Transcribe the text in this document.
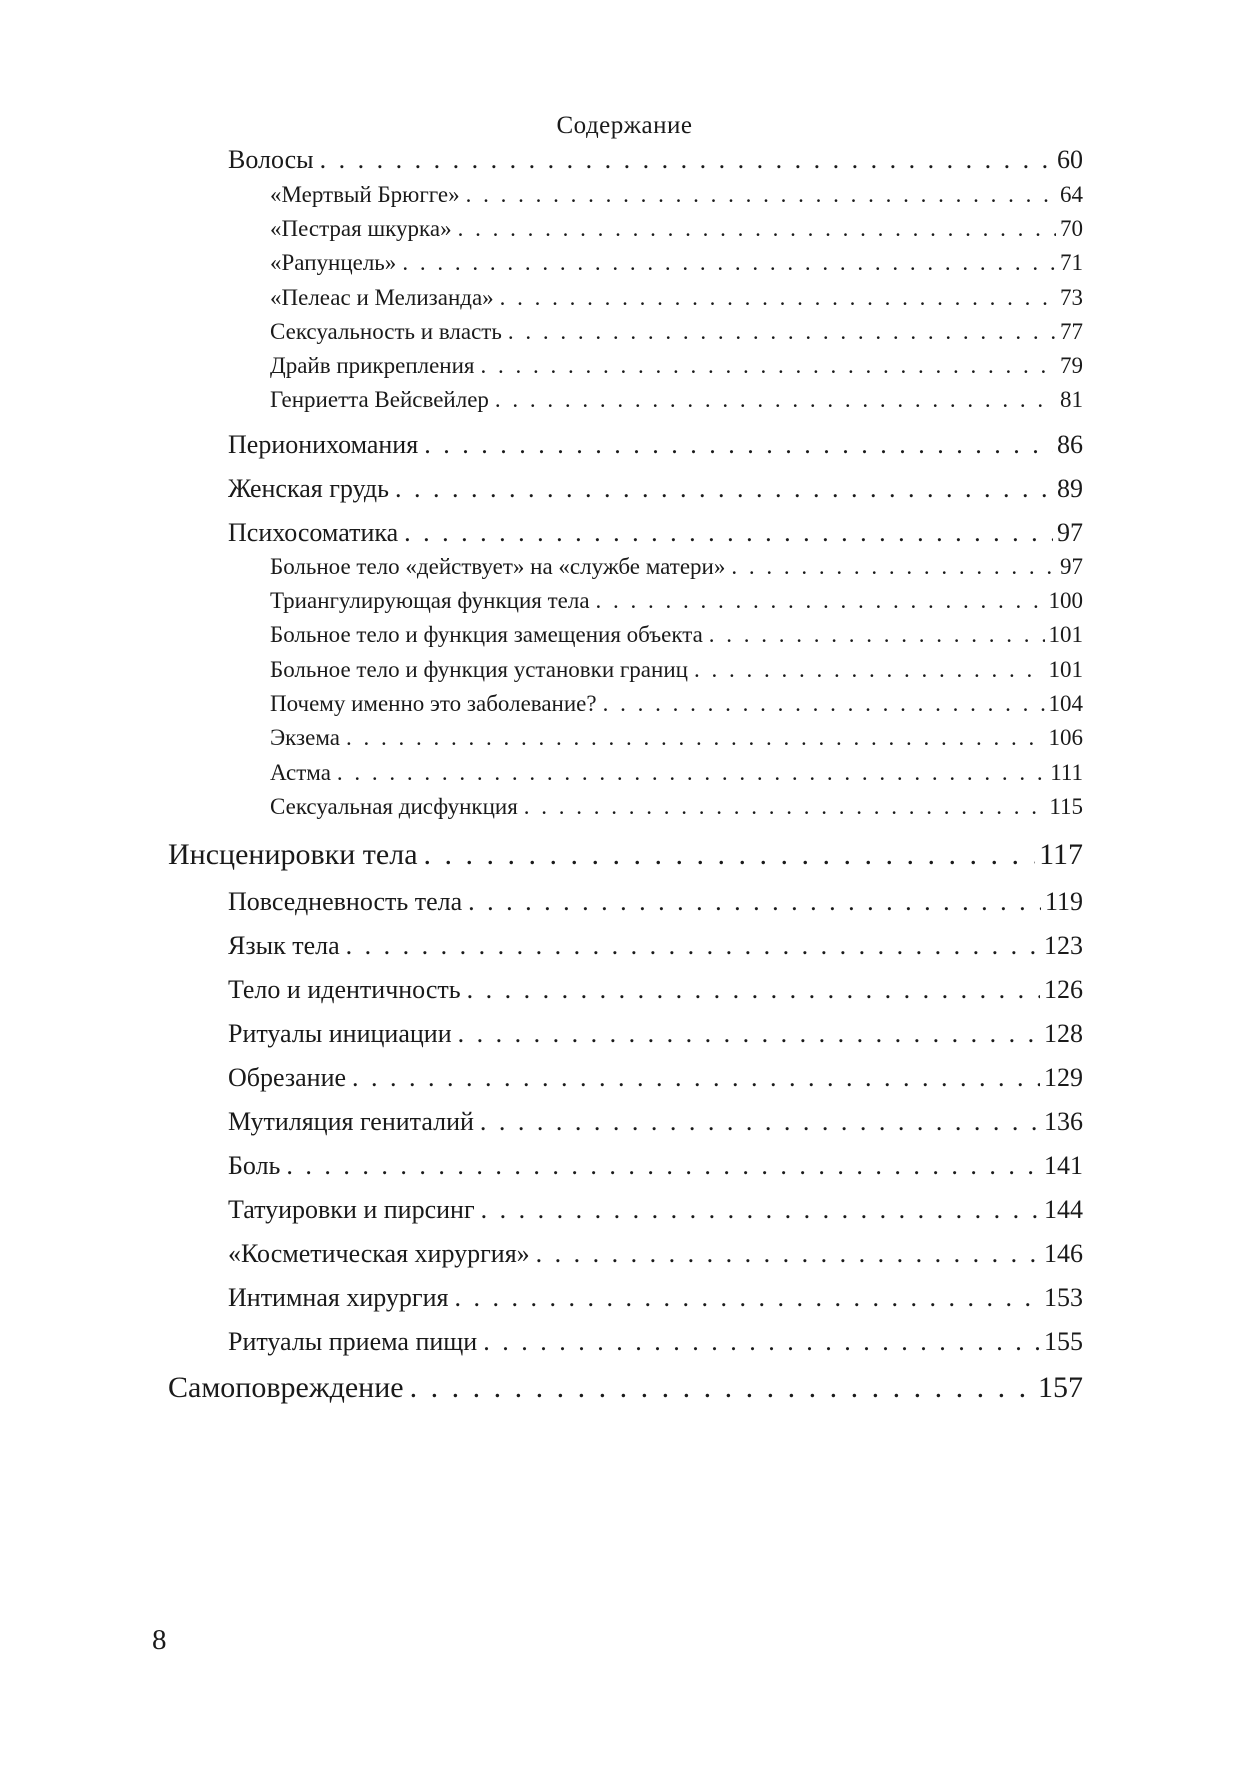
Содержание
Волосы . . .	60
«Мертвый Брюгге» . . .	64
«Пестрая шкурка» . . .	70
«Рапунцель» . . .	71
«Пелеас и Мелизанда» . . .	73
Сексуальность и власть . . .	77
Драйв прикрепления . . .	79
Генриетта Вейсвейлер . . .	81
Перионихомания . . .	86
Женская грудь . . .	89
Психосоматика . . .	97
Больное тело «действует» на «службе матери» . . .	97
Триангулирующая функция тела . . .	100
Больное тело и функция замещения объекта . . .	101
Больное тело и функция установки границ . . .	101
Почему именно это заболевание? . . .	104
Экзема . . .	106
Астма . . .	111
Сексуальная дисфункция . . .	115
Инсценировки тела . . .	117
Повседневность тела . . .	119
Язык тела . . .	123
Тело и идентичность . . .	126
Ритуалы инициации . . .	128
Обрезание . . .	129
Мутиляция гениталий . . .	136
Боль . . .	141
Татуировки и пирсинг . . .	144
«Косметическая хирургия» . . .	146
Интимная хирургия . . .	153
Ритуалы приема пищи . . .	155
Самоповреждение . . .	157
8
